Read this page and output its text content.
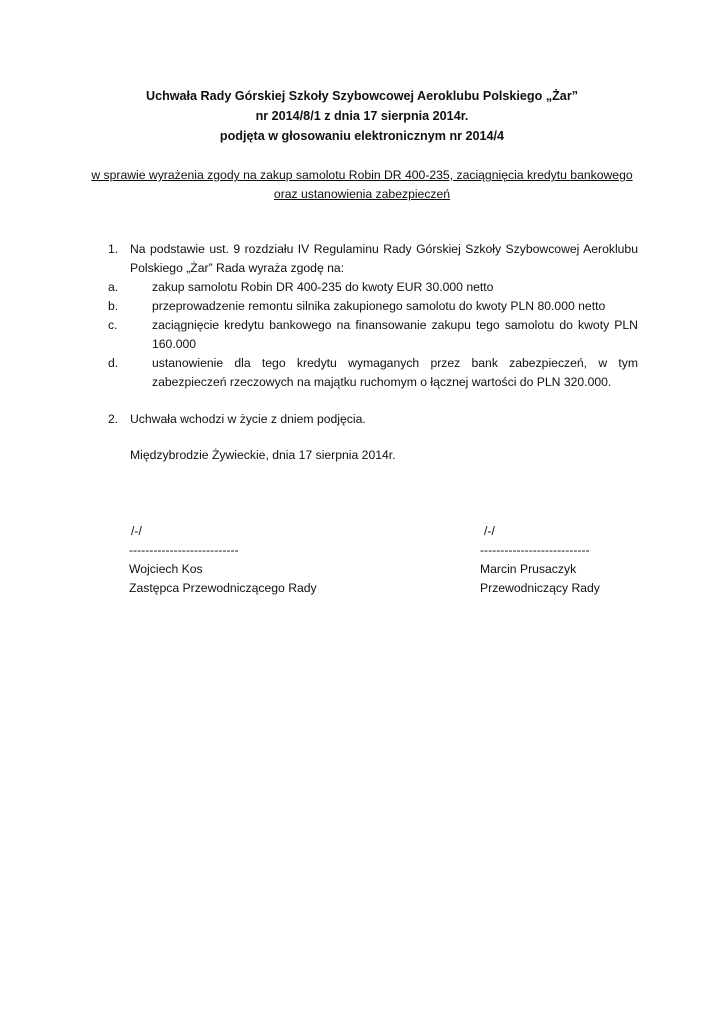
Uchwała Rady Górskiej Szkoły Szybowcowej Aeroklubu Polskiego „Żar”
nr 2014/8/1 z dnia 17 sierpnia 2014r.
podjęta w głosowaniu elektronicznym nr 2014/4
w sprawie wyrażenia zgody na zakup samolotu Robin DR 400-235, zaciągnięcia kredytu bankowego
oraz ustanowienia zabezpieczeń
1. Na podstawie ust. 9 rozdziału IV Regulaminu Rady Górskiej Szkoły Szybowcowej Aeroklubu
Polskiego „Żar” Rada wyraża zgodę na:
a.	zakup samolotu Robin DR 400-235 do kwoty EUR 30.000 netto
b.	przeprowadzenie remontu silnika zakupionego samolotu do kwoty PLN 80.000 netto
c.	zaciągnięcie kredytu bankowego na finansowanie zakupu tego samolotu do kwoty PLN
160.000
d.	ustanowienie dla tego kredytu wymaganych przez bank zabezpieczeń, w tym
zabezpieczeń rzeczowych na majątku ruchomym o łącznej wartości do PLN 320.000.
2. Uchwała wchodzi w życie z dniem podjęcia.
Międzybrodzie Żywieckie, dnia 17 sierpnia 2014r.
/-/
---------------------------
Wojciech Kos
Zastępca Przewodniczącego Rady
/-/
---------------------------
Marcin Prusaczyk
Przewodniczący Rady
